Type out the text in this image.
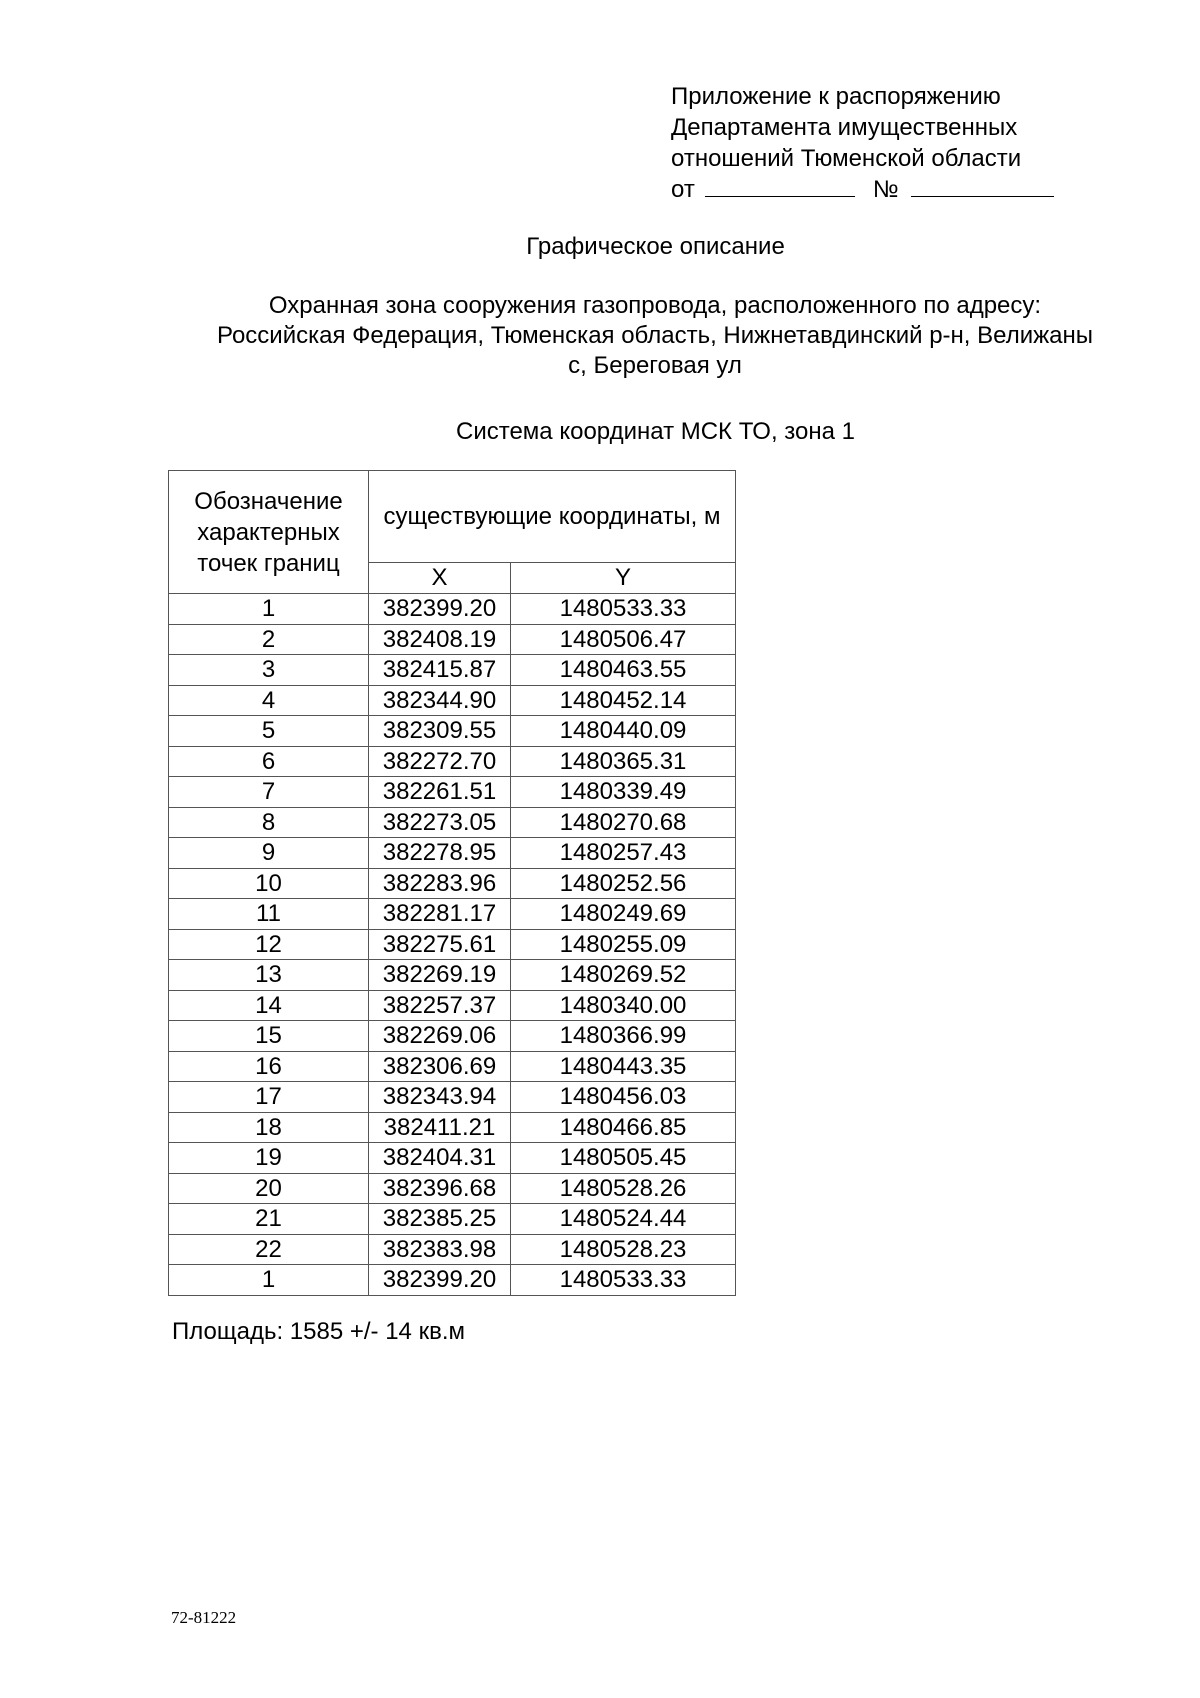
Приложение к распоряжению
Департамента имущественных
отношений Тюменской области
от	№
Графическое описание
Охранная зона сооружения газопровода, расположенного по адресу:
Российская Федерация, Тюменская область, Нижнетавдинский р-н, Велижаны
с, Береговая ул
Система координат МСК ТО, зона 1
Обозначение характерных точек границ	существующие координаты, м	
	X	Y
1	382399.20	1480533.33
2	382408.19	1480506.47
3	382415.87	1480463.55
4	382344.90	1480452.14
5	382309.55	1480440.09
6	382272.70	1480365.31
7	382261.51	1480339.49
8	382273.05	1480270.68
9	382278.95	1480257.43
10	382283.96	1480252.56
11	382281.17	1480249.69
12	382275.61	1480255.09
13	382269.19	1480269.52
14	382257.37	1480340.00
15	382269.06	1480366.99
16	382306.69	1480443.35
17	382343.94	1480456.03
18	382411.21	1480466.85
19	382404.31	1480505.45
20	382396.68	1480528.26
21	382385.25	1480524.44
22	382383.98	1480528.23
1	382399.20	1480533.33
Площадь: 1585 +/- 14 кв.м
72-81222
